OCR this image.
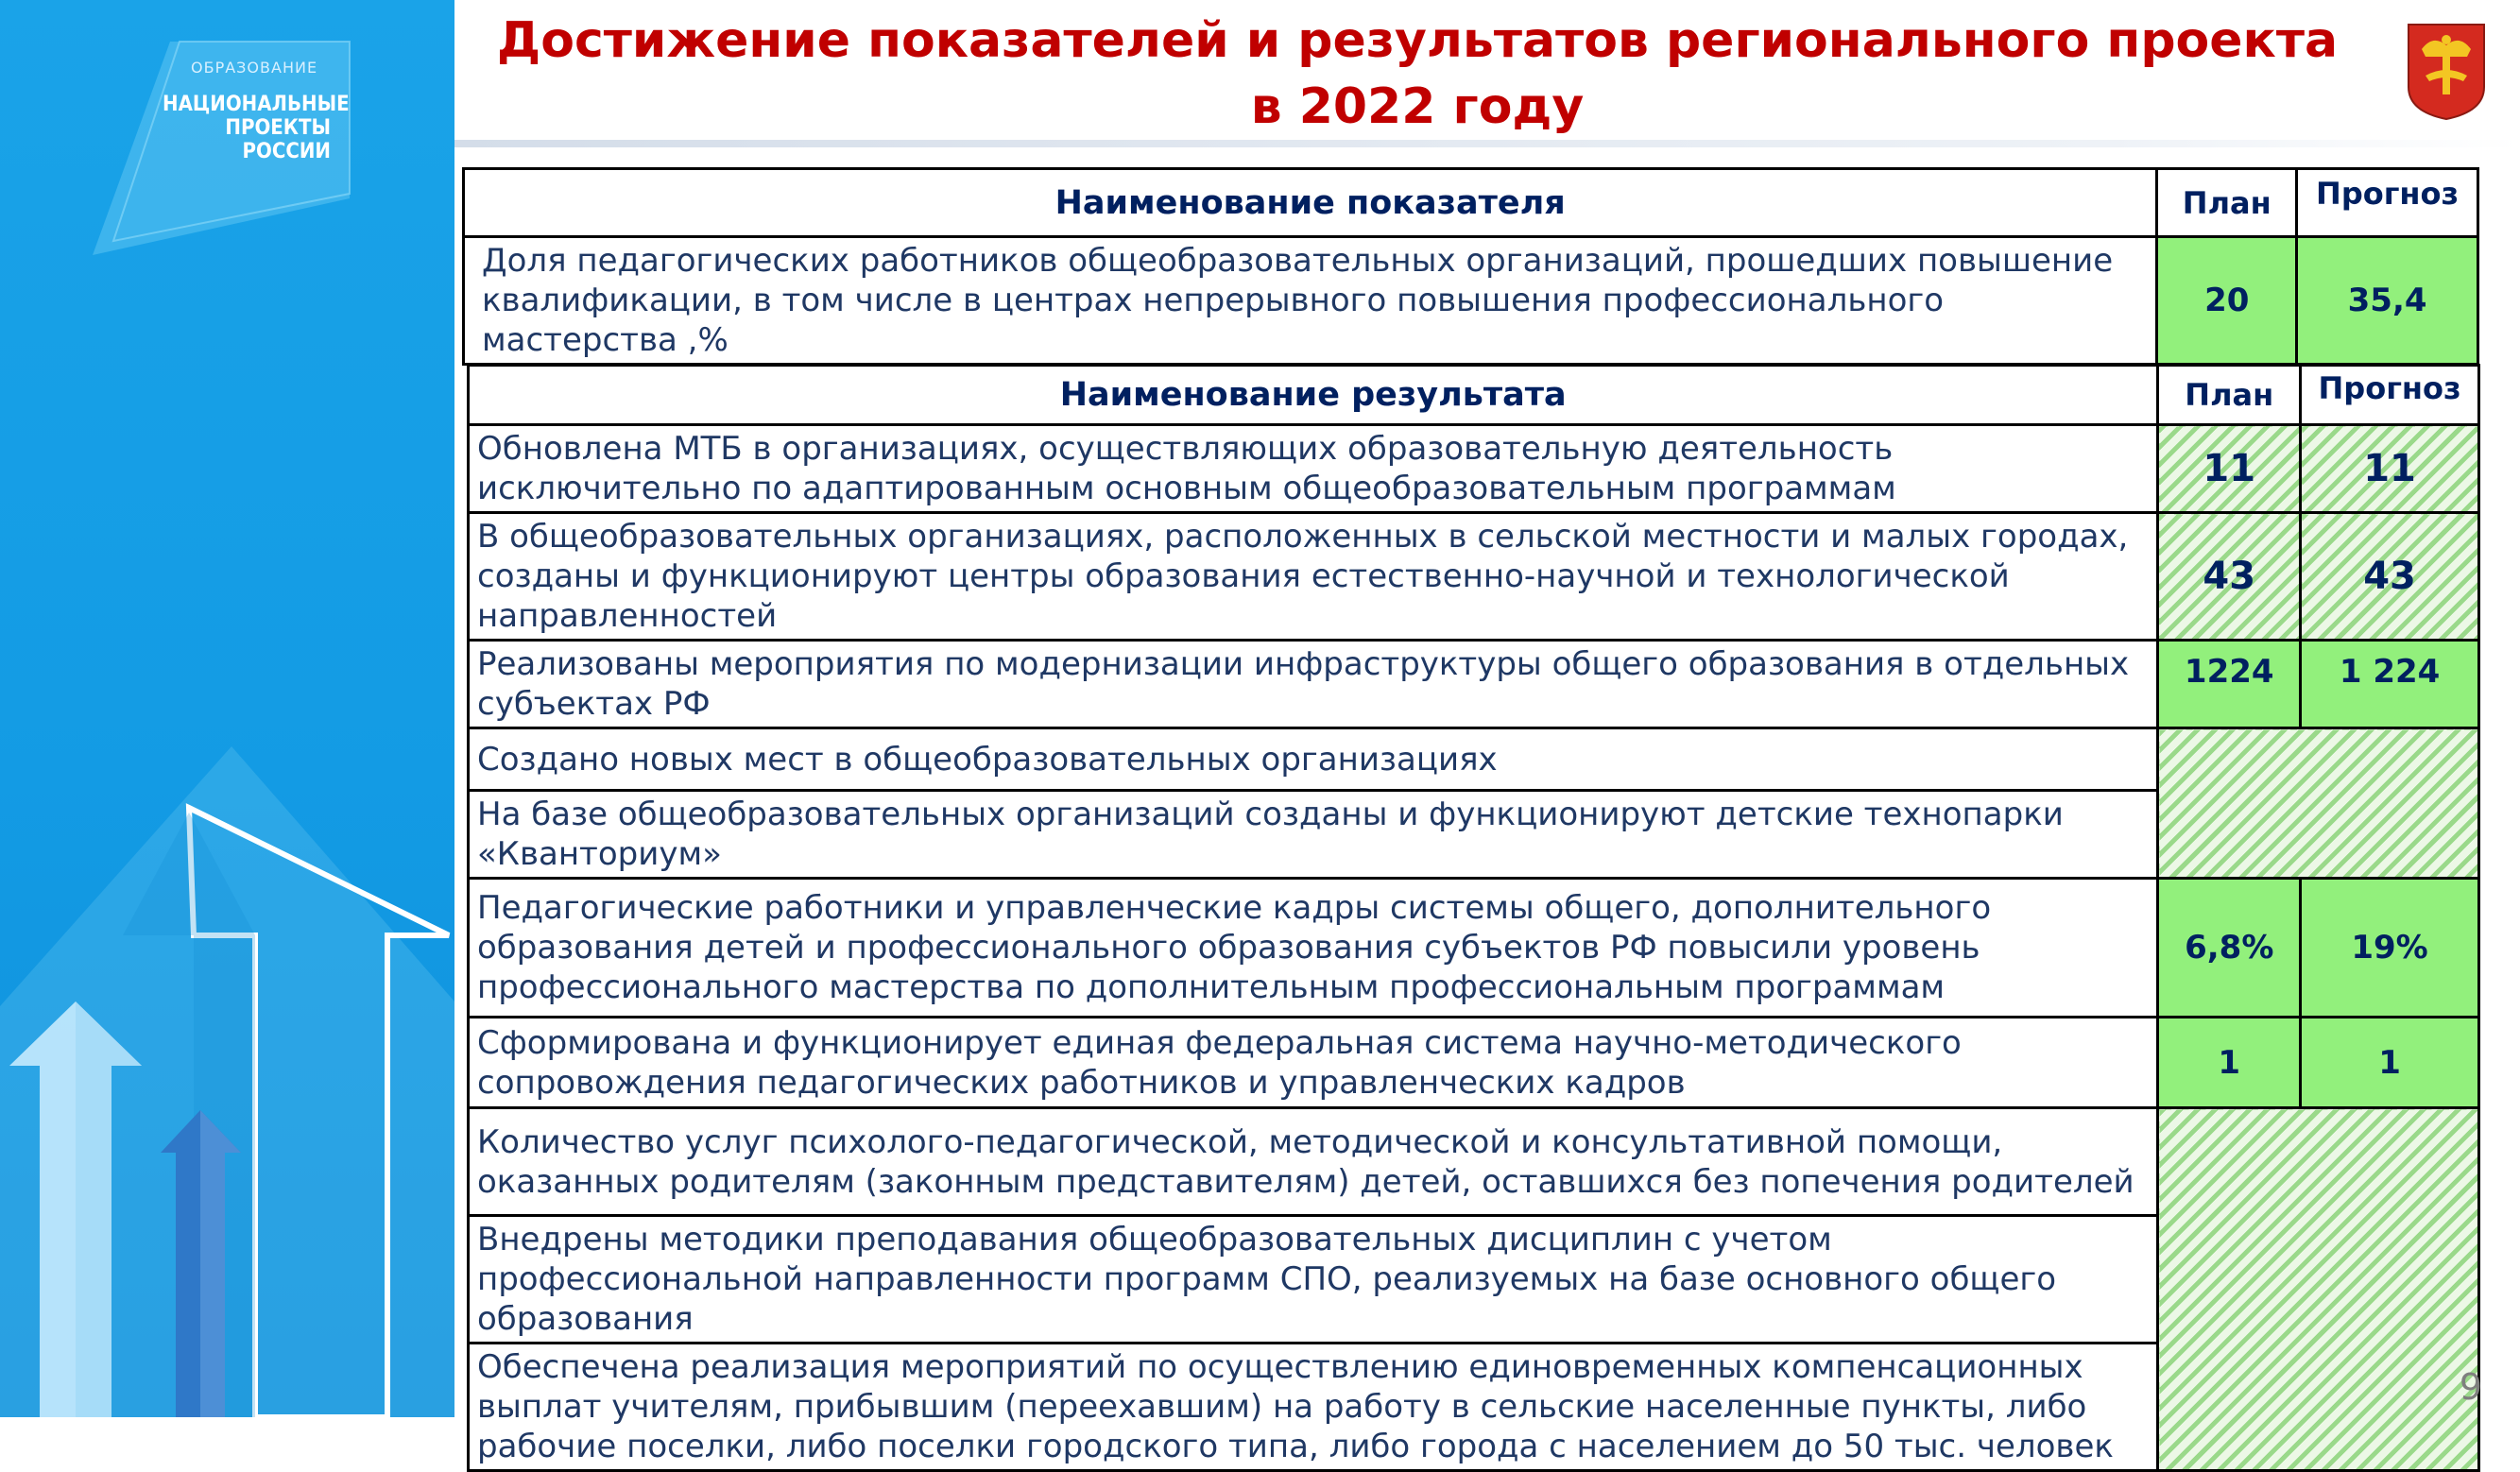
ОБРАЗОВАНИЕ
НАЦИОНАЛЬНЫЕ
ПРОЕКТЫ
РОССИИ
Достижение показателей и результатов регионального проекта
в 2022 году
Наименование показателя	План	Прогноз
Доля педагогических работников общеобразовательных организаций, прошедших повышение квалификации, в том числе в центрах непрерывного повышения профессионального мастерства ,%	20	35,4
Наименование результата	План	Прогноз
Обновлена МТБ в организациях, осуществляющих образовательную деятельность исключительно по адаптированным основным общеобразовательным программам	11	11
В общеобразовательных организациях, расположенных в сельской местности и малых городах, созданы и функционируют центры образования естественно-научной и технологической направленностей	43	43
Реализованы мероприятия по модернизации инфраструктуры общего образования в отдельных субъектах РФ	1224	1 224
Создано новых мест в общеобразовательных организациях		
На базе общеобразовательных организаций созданы и функционируют детские технопарки «Кванториум»		
Педагогические работники и управленческие кадры системы общего, дополнительного образования детей и профессионального образования субъектов РФ повысили уровень профессионального мастерства по дополнительным профессиональным программам	6,8%	19%
Сформирована и функционирует единая федеральная система научно-методического сопровождения педагогических работников и управленческих кадров	1	1
Количество услуг психолого-педагогической, методической и консультативной помощи, оказанных родителям (законным представителям) детей, оставшихся без попечения родителей		
Внедрены методики преподавания общеобразовательных дисциплин с учетом профессиональной направленности программ СПО, реализуемых на базе основного общего образования		
Обеспечена реализация мероприятий по осуществлению единовременных компенсационных выплат учителям, прибывшим (переехавшим) на работу в сельские населенные пункты, либо рабочие поселки, либо поселки городского типа, либо города с населением до 50 тыс. человек		
9
